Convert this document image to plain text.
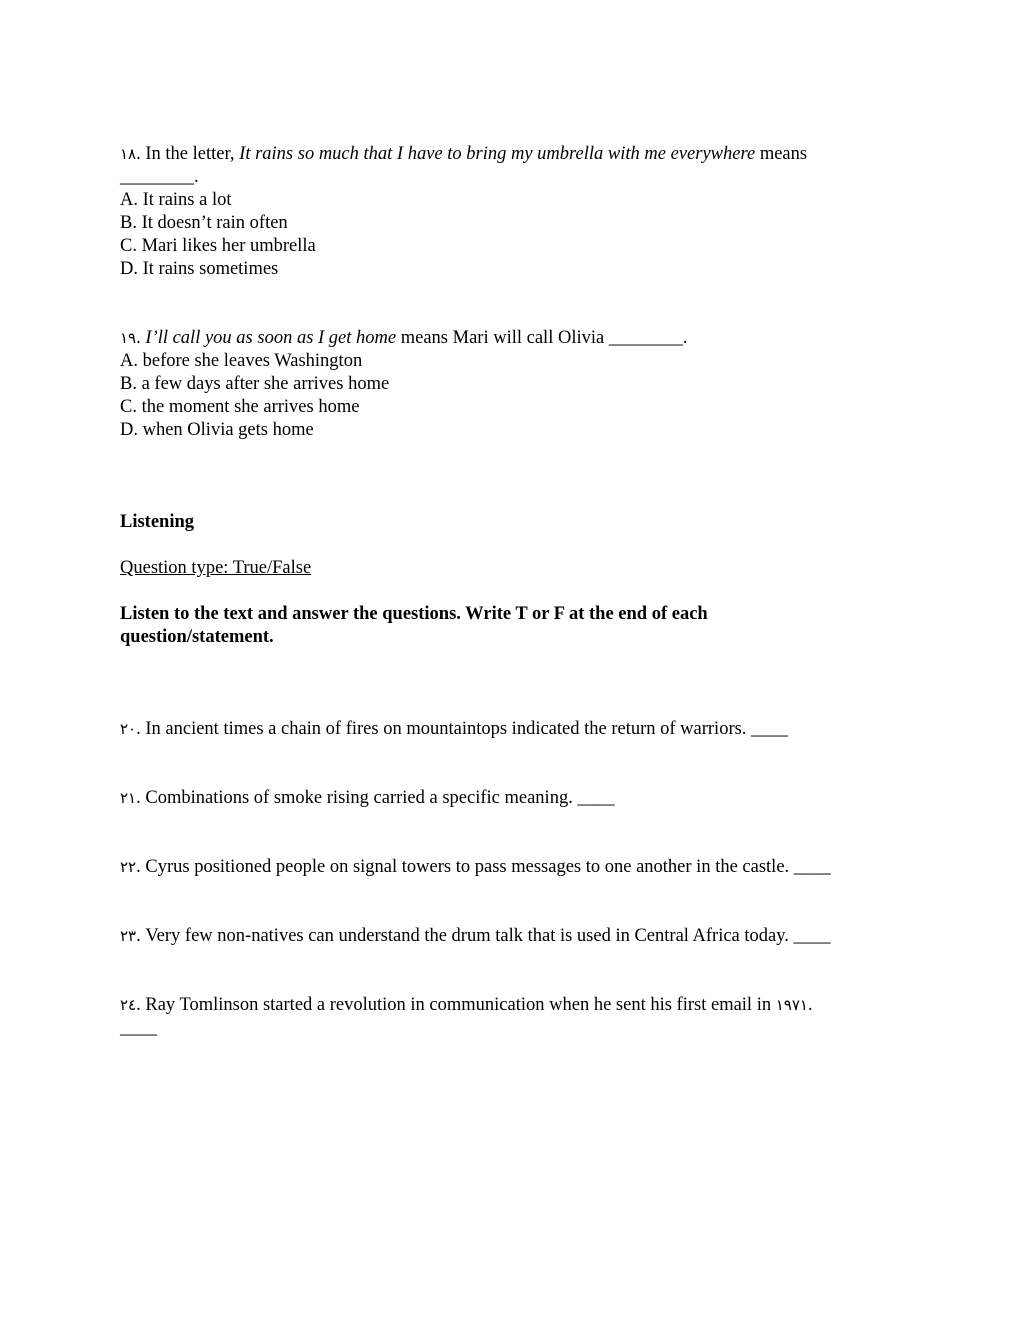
١٨. In the letter, It rains so much that I have to bring my umbrella with me everywhere means
________.
A. It rains a lot
B. It doesn’t rain often
C. Mari likes her umbrella
D. It rains sometimes
١٩. I’ll call you as soon as I get home means Mari will call Olivia ________.
A. before she leaves Washington
B. a few days after she arrives home
C. the moment she arrives home
D. when Olivia gets home
Listening
Question type: True/False
Listen to the text and answer the questions. Write T or F at the end of each question/statement.
٢٠. In ancient times a chain of fires on mountaintops indicated the return of warriors. ____
٢١. Combinations of smoke rising carried a specific meaning. ____
٢٢. Cyrus positioned people on signal towers to pass messages to one another in the castle. ____
٢٣. Very few non-natives can understand the drum talk that is used in Central Africa today. ____
٢٤. Ray Tomlinson started a revolution in communication when he sent his first email in ١٩٧١.
____
